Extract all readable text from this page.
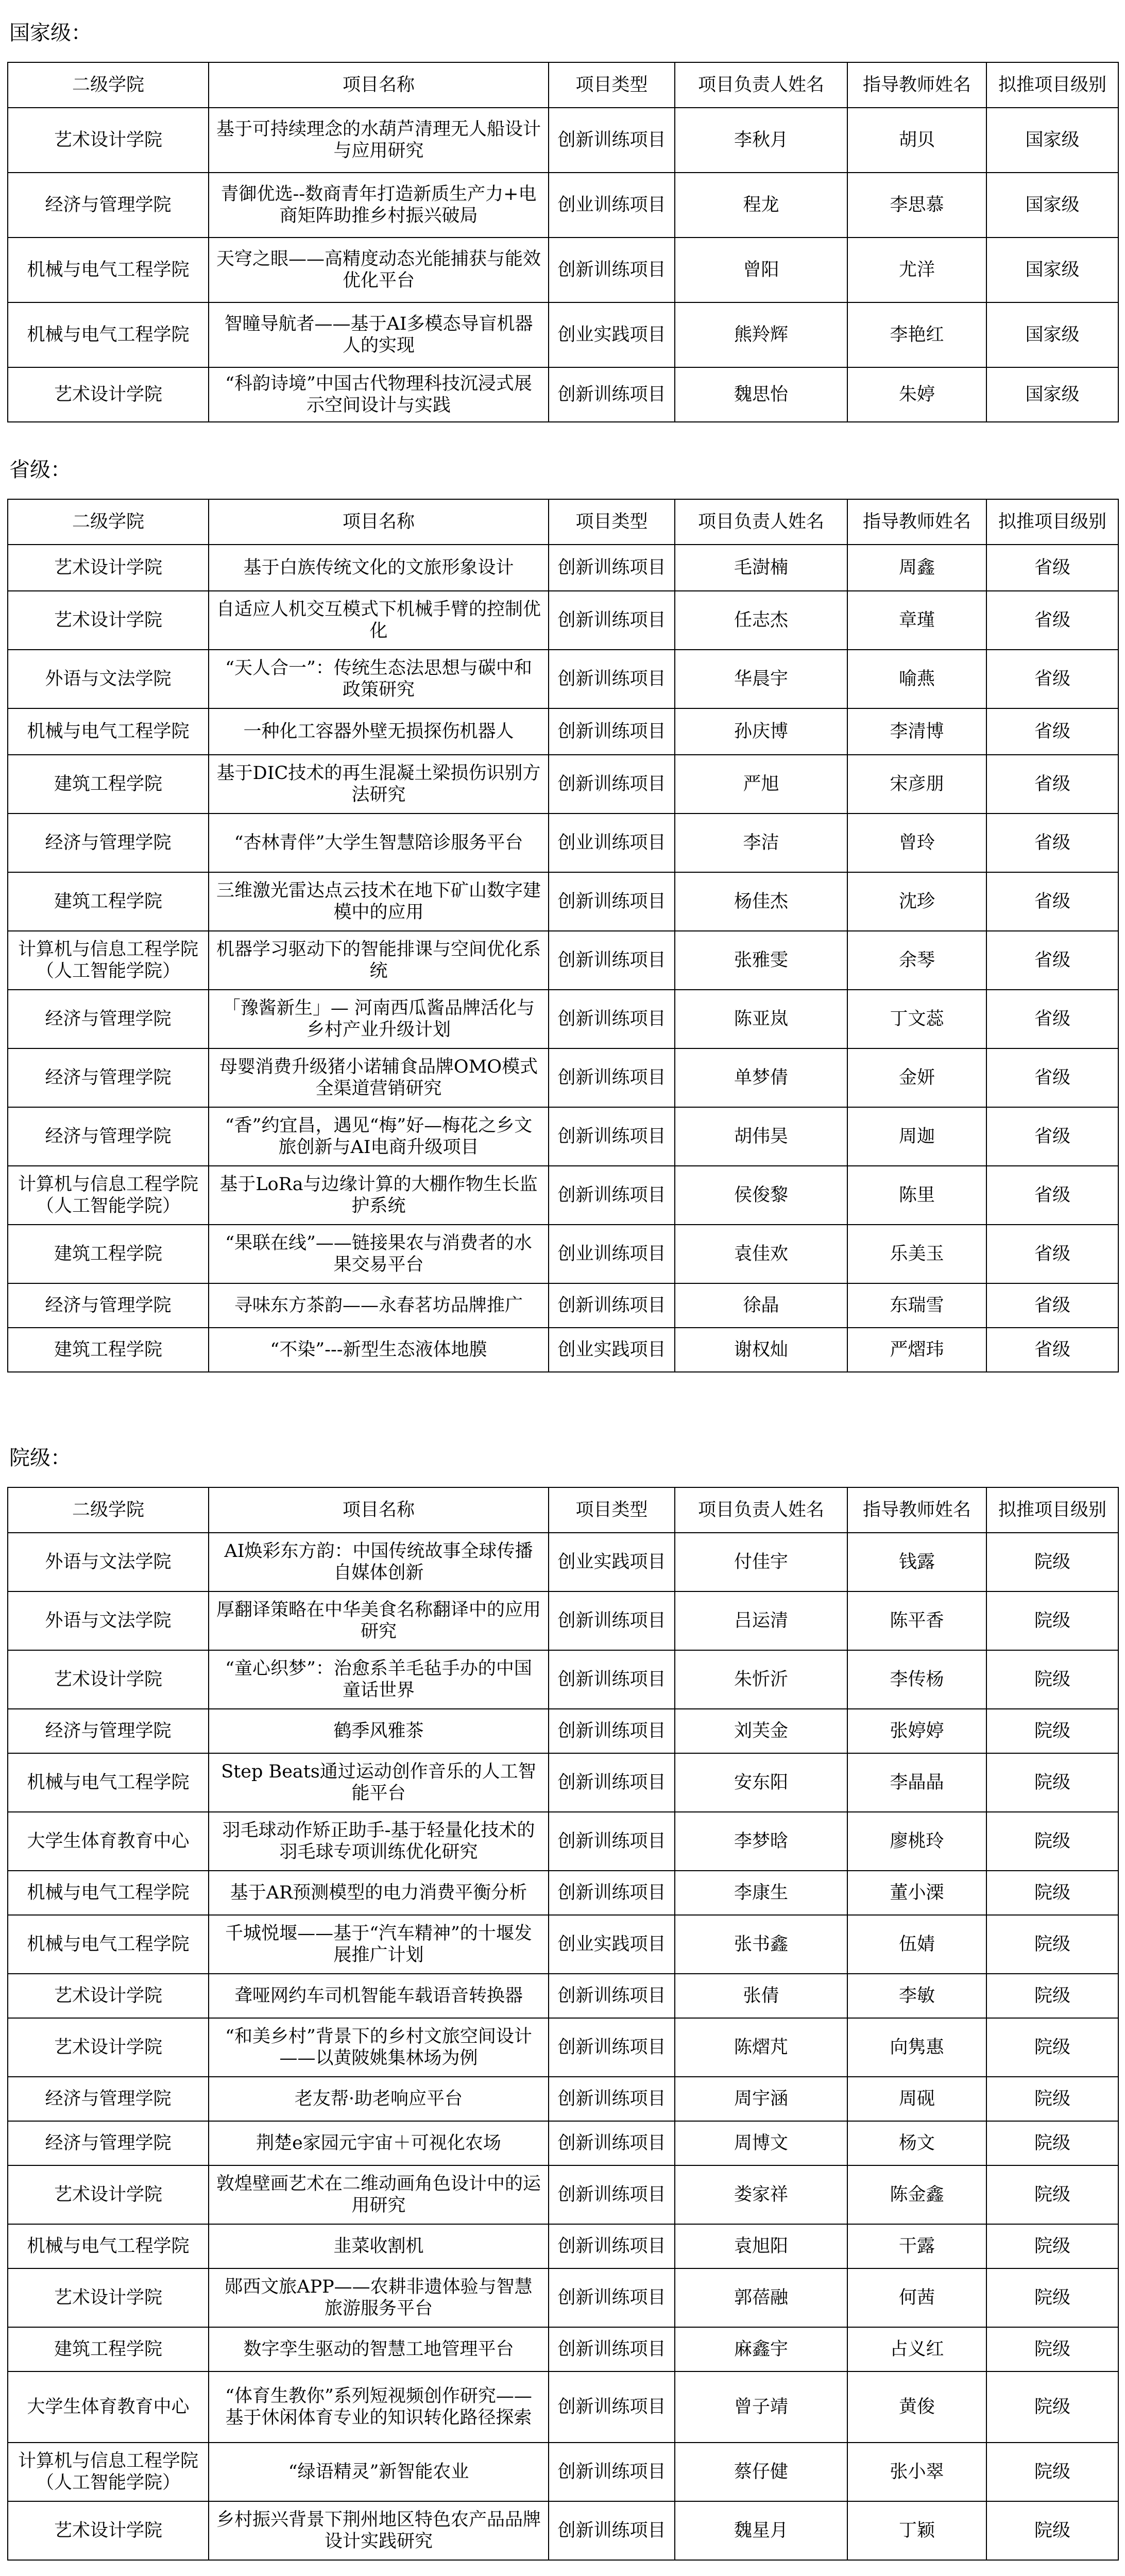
国家级：
二级学院	项目名称	项目类型	项目负责人姓名	指导教师姓名	拟推项目级别
艺术设计学院	基于可持续理念的水葫芦清理无人船设计与应用研究	创新训练项目	李秋月	胡贝	国家级
经济与管理学院	青御优选--数商青年打造新质生产力+电商矩阵助推乡村振兴破局	创业训练项目	程龙	李思慕	国家级
机械与电气工程学院	天穹之眼——高精度动态光能捕获与能效优化平台	创新训练项目	曾阳	尤洋	国家级
机械与电气工程学院	智瞳导航者——基于AI多模态导盲机器人的实现	创业实践项目	熊羚辉	李艳红	国家级
艺术设计学院	“科韵诗境”中国古代物理科技沉浸式展示空间设计与实践	创新训练项目	魏思怡	朱婷	国家级
省级：
二级学院	项目名称	项目类型	项目负责人姓名	指导教师姓名	拟推项目级别
艺术设计学院	基于白族传统文化的文旅形象设计	创新训练项目	毛澍楠	周鑫	省级
艺术设计学院	自适应人机交互模式下机械手臂的控制优化	创新训练项目	任志杰	章瑾	省级
外语与文法学院	“天人合一”：传统生态法思想与碳中和政策研究	创新训练项目	华晨宇	喻燕	省级
机械与电气工程学院	一种化工容器外壁无损探伤机器人	创新训练项目	孙庆博	李清博	省级
建筑工程学院	基于DIC技术的再生混凝土梁损伤识别方法研究	创新训练项目	严旭	宋彦朋	省级
经济与管理学院	“杏林青伴”大学生智慧陪诊服务平台	创业训练项目	李洁	曾玲	省级
建筑工程学院	三维激光雷达点云技术在地下矿山数字建模中的应用	创新训练项目	杨佳杰	沈珍	省级
计算机与信息工程学院（人工智能学院）	机器学习驱动下的智能排课与空间优化系统	创新训练项目	张雅雯	余琴	省级
经济与管理学院	「豫酱新生」— 河南西瓜酱品牌活化与乡村产业升级计划	创新训练项目	陈亚岚	丁文蕊	省级
经济与管理学院	母婴消费升级猪小诺辅食品牌OMO模式全渠道营销研究	创新训练项目	单梦倩	金妍	省级
经济与管理学院	“香”约宜昌，遇见“梅”好—梅花之乡文旅创新与AI电商升级项目	创新训练项目	胡伟昊	周迦	省级
计算机与信息工程学院（人工智能学院）	基于LoRa与边缘计算的大棚作物生长监护系统	创新训练项目	侯俊黎	陈里	省级
建筑工程学院	“果联在线”——链接果农与消费者的水果交易平台	创业训练项目	袁佳欢	乐美玉	省级
经济与管理学院	寻味东方茶韵——永春茗坊品牌推广	创新训练项目	徐晶	东瑞雪	省级
建筑工程学院	“不染”---新型生态液体地膜	创业实践项目	谢权灿	严熠玮	省级
院级：
二级学院	项目名称	项目类型	项目负责人姓名	指导教师姓名	拟推项目级别
外语与文法学院	AI焕彩东方韵：中国传统故事全球传播自媒体创新	创业实践项目	付佳宇	钱露	院级
外语与文法学院	厚翻译策略在中华美食名称翻译中的应用研究	创新训练项目	吕运清	陈平香	院级
艺术设计学院	“童心织梦”：治愈系羊毛毡手办的中国童话世界	创新训练项目	朱忻沂	李传杨	院级
经济与管理学院	鹤季风雅茶	创新训练项目	刘芙金	张婷婷	院级
机械与电气工程学院	Step Beats通过运动创作音乐的人工智能平台	创新训练项目	安东阳	李晶晶	院级
大学生体育教育中心	羽毛球动作矫正助手-基于轻量化技术的羽毛球专项训练优化研究	创新训练项目	李梦晗	廖桃玲	院级
机械与电气工程学院	基于AR预测模型的电力消费平衡分析	创新训练项目	李康生	董小溧	院级
机械与电气工程学院	千城悦堰——基于“汽车精神”的十堰发展推广计划	创业实践项目	张书鑫	伍婧	院级
艺术设计学院	聋哑网约车司机智能车载语音转换器	创新训练项目	张倩	李敏	院级
艺术设计学院	“和美乡村”背景下的乡村文旅空间设计——以黄陂姚集林场为例	创新训练项目	陈熠芃	向隽惠	院级
经济与管理学院	老友帮·助老响应平台	创新训练项目	周宇涵	周砚	院级
经济与管理学院	荆楚e家园元宇宙＋可视化农场	创新训练项目	周博文	杨文	院级
艺术设计学院	敦煌壁画艺术在二维动画角色设计中的运用研究	创新训练项目	娄家祥	陈金鑫	院级
机械与电气工程学院	韭菜收割机	创新训练项目	袁旭阳	干露	院级
艺术设计学院	郧西文旅APP——农耕非遗体验与智慧旅游服务平台	创新训练项目	郭蓓融	何茜	院级
建筑工程学院	数字孪生驱动的智慧工地管理平台	创新训练项目	麻鑫宇	占义红	院级
大学生体育教育中心	“体育生教你”系列短视频创作研究——基于休闲体育专业的知识转化路径探索	创新训练项目	曾子靖	黄俊	院级
计算机与信息工程学院（人工智能学院）	“绿语精灵”新智能农业	创新训练项目	蔡仔健	张小翠	院级
艺术设计学院	乡村振兴背景下荆州地区特色农产品品牌设计实践研究	创新训练项目	魏星月	丁颖	院级
